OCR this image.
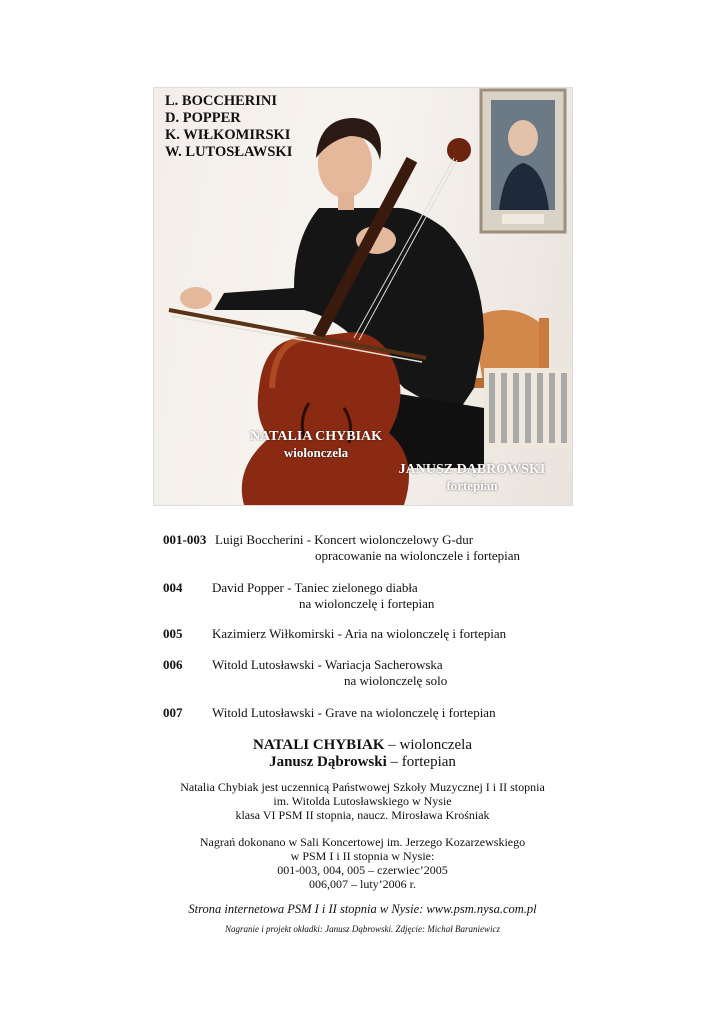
L. BOCCHERINI
D. POPPER
K. WIŁKOMIRSKI
W. LUTOSŁAWSKI
NATALIA CHYBIAK
wiolonczela
JANUSZ DĄBROWSKI
fortepian
001-003 Luigi Boccherini - Koncert wiolonczelowy G-dur
opracowanie na wiolonczele i fortepian
004 David Popper - Taniec zielonego diabła
na wiolonczelę i fortepian
005 Kazimierz Wiłkomirski - Aria na wiolonczelę i fortepian
006 Witold Lutosławski - Wariacja Sacherowska
na wiolonczelę solo
007 Witold Lutosławski - Grave na wiolonczelę i fortepian
NATALI CHYBIAK – wiolonczela
Janusz Dąbrowski – fortepian
Natalia Chybiak jest uczennicą Państwowej Szkoły Muzycznej I i II stopnia
im. Witolda Lutosławskiego w Nysie
klasa VI PSM II stopnia, naucz. Mirosława Krośniak
Nagrań dokonano w Sali Koncertowej im. Jerzego Kozarzewskiego
w PSM I i II stopnia w Nysie:
001-003, 004, 005 – czerwiec’2005
006,007 – luty’2006 r.
Strona internetowa PSM I i II stopnia w Nysie: www.psm.nysa.com.pl
Nagranie i projekt okładki: Janusz Dąbrowski. Zdjęcie: Michał Baraniewicz
